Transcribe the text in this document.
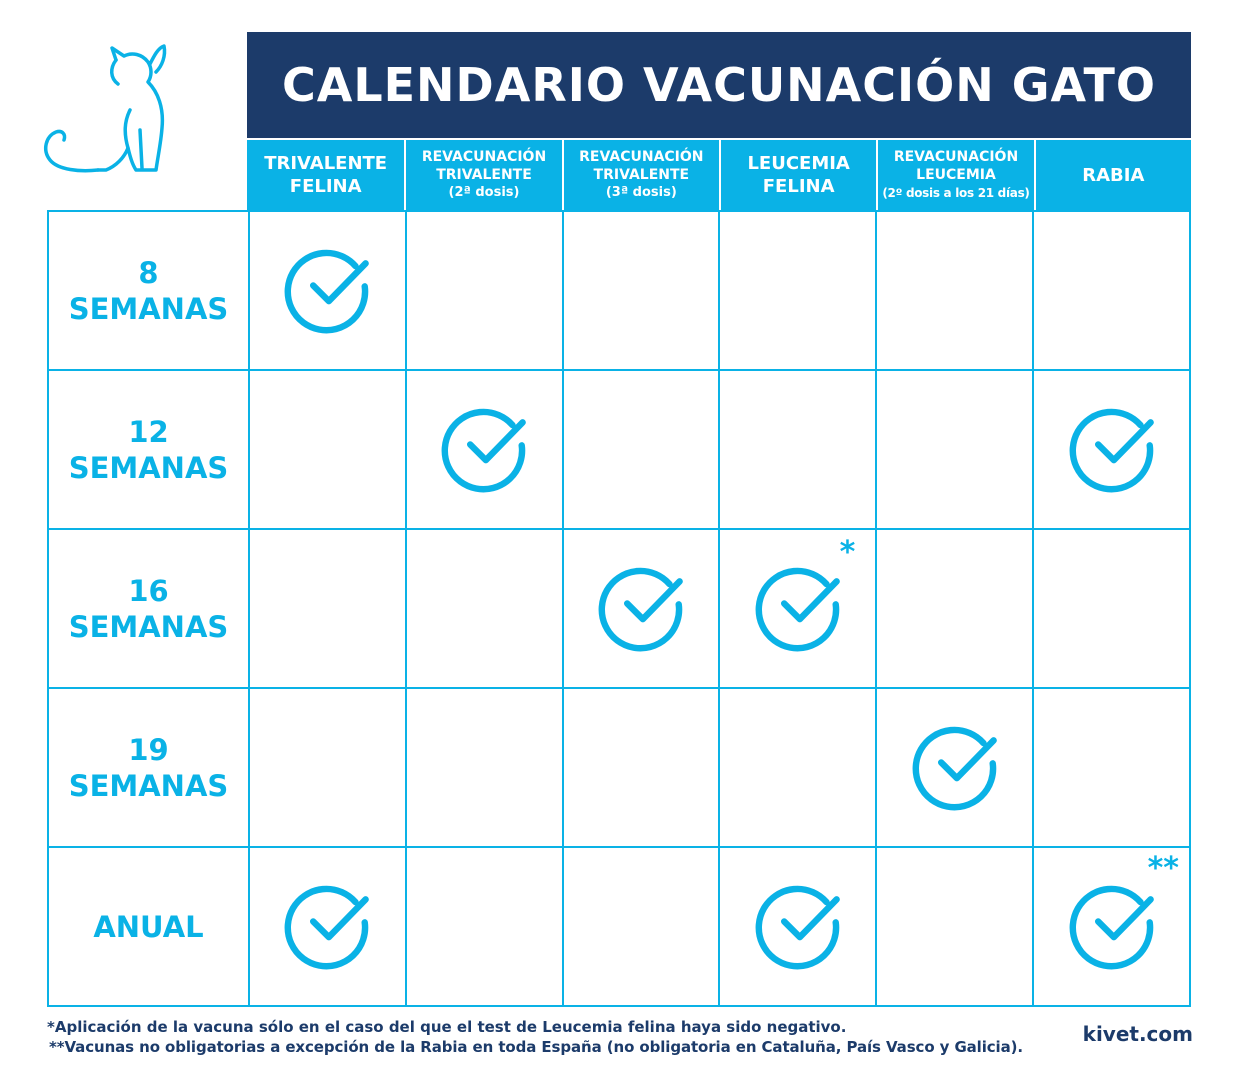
CALENDARIO VACUNACIÓN GATO
TRIVALENTE
FELINA
REVACUNACIÓN
TRIVALENTE
(2ª dosis)
REVACUNACIÓN
TRIVALENTE
(3ª dosis)
LEUCEMIA
FELINA
REVACUNACIÓN
LEUCEMIA
(2º dosis a los 21 días)
RABIA
8
SEMANAS
12
SEMANAS
16
SEMANAS
*
19
SEMANAS
ANUAL
**
*Aplicación de la vacuna sólo en el caso del que el test de Leucemia felina haya sido negativo.
**Vacunas no obligatorias a excepción de la Rabia en toda España (no obligatoria en Cataluña, País Vasco y Galicia).
kivet.com
